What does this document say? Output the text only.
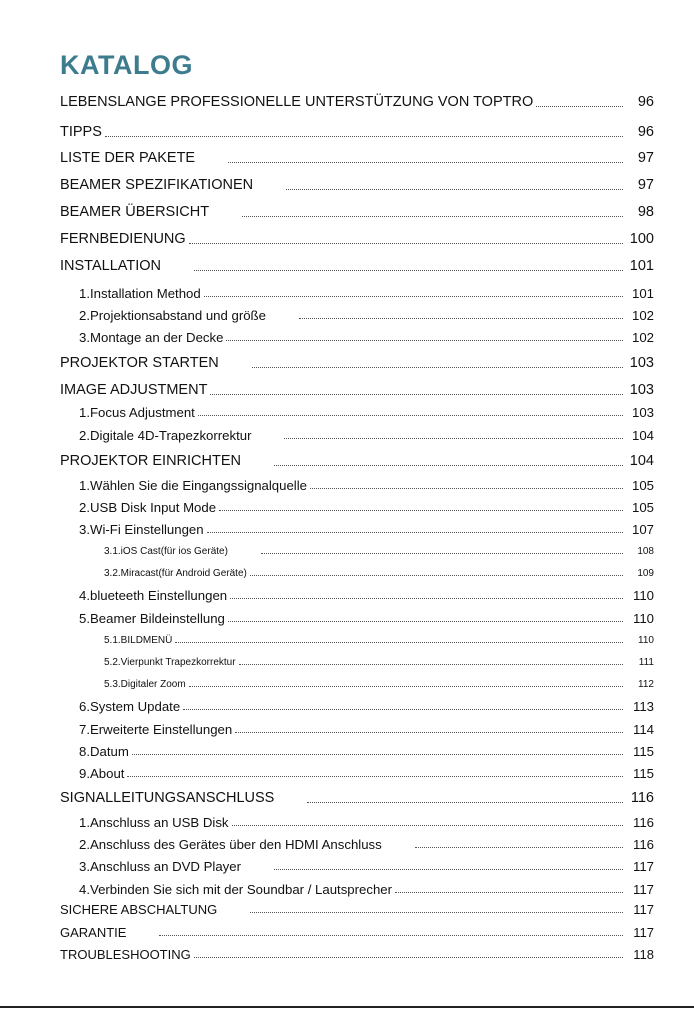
KATALOG
LEBENSLANGE PROFESSIONELLE UNTERSTÜTZUNG VON TOPTRO	96
TIPPS	96
LISTE DER PAKETE	97
BEAMER SPEZIFIKATIONEN	97
BEAMER ÜBERSICHT	98
FERNBEDIENUNG	100
INSTALLATION	101
1.Installation Method	101
2.Projektionsabstand und größe	102
3.Montage an der Decke	102
PROJEKTOR STARTEN	103
IMAGE ADJUSTMENT	103
1.Focus Adjustment	103
2.Digitale 4D-Trapezkorrektur	104
PROJEKTOR EINRICHTEN	104
1.Wählen Sie die Eingangssignalquelle	105
2.USB Disk Input Mode	105
3.Wi-Fi Einstellungen	107
3.1.iOS Cast(für ios Geräte)	108
3.2.Miracast(für Android Geräte)	109
4.blueteeth Einstellungen	110
5.Beamer Bildeinstellung	110
5.1.BILDMENÜ	110
5.2.Vierpunkt Trapezkorrektur	111
5.3.Digitaler Zoom	112
6.System Update	113
7.Erweiterte Einstellungen	114
8.Datum	115
9.About	115
SIGNALLEITUNGSANSCHLUSS	116
1.Anschluss an USB Disk	116
2.Anschluss des Gerätes über den HDMI Anschluss	116
3.Anschluss an DVD Player	117
4.Verbinden Sie sich mit der Soundbar / Lautsprecher	117
SICHERE ABSCHALTUNG	117
GARANTIE	117
TROUBLESHOOTING	118
